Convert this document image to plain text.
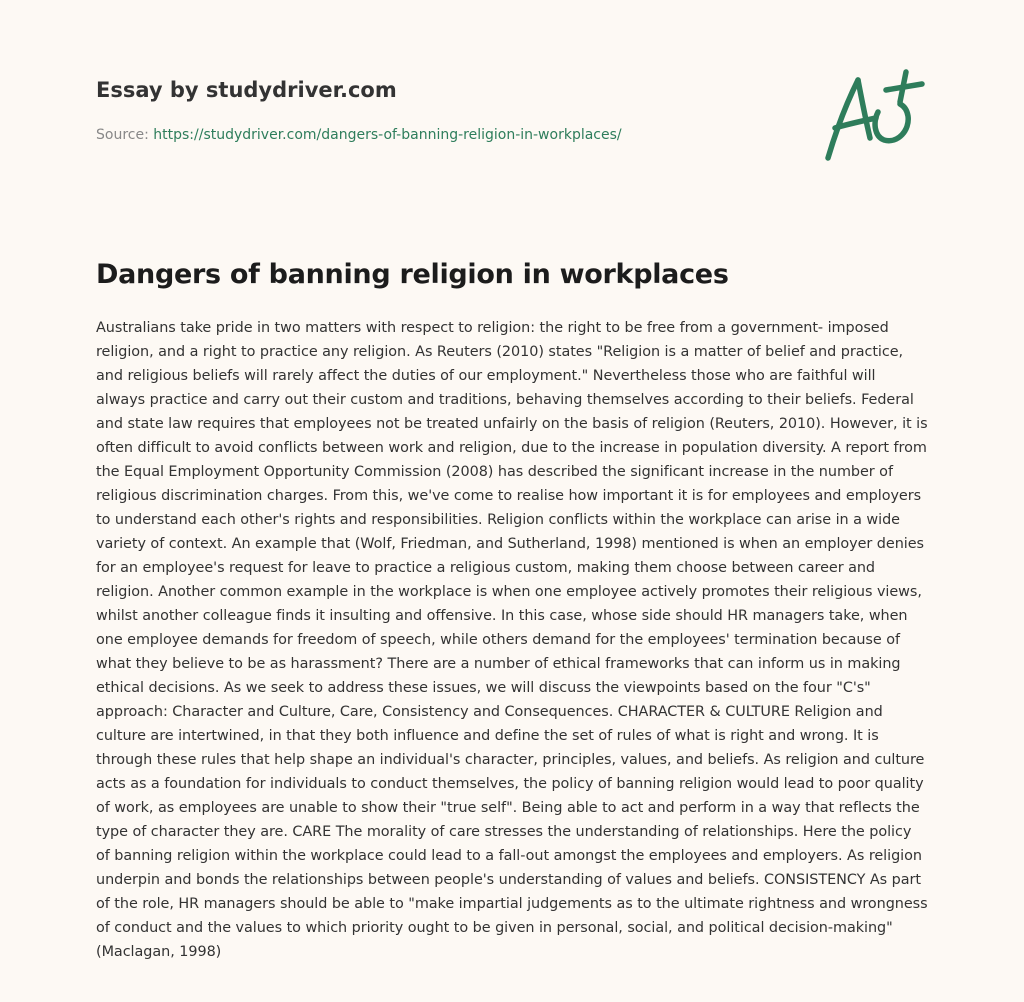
Essay by studydriver.com

Source: https://studydriver.com/dangers-of-banning-religion-in-workplaces/
Dangers of banning religion in workplaces

Australians take pride in two matters with respect to religion: the right to be free from a government- imposed religion, and a right to practice any religion. As Reuters (2010) states "Religion is a matter of belief and practice, and religious beliefs will rarely affect the duties of our employment." Nevertheless those who are faithful will always practice and carry out their custom and traditions, behaving themselves according to their beliefs. Federal and state law requires that employees not be treated unfairly on the basis of religion (Reuters, 2010). However, it is often difficult to avoid conflicts between work and religion, due to the increase in population diversity. A report from the Equal Employment Opportunity Commission (2008) has described the significant increase in the number of religious discrimination charges. From this, we've come to realise how important it is for employees and employers to understand each other's rights and responsibilities. Religion conflicts within the workplace can arise in a wide variety of context. An example that (Wolf, Friedman, and Sutherland, 1998) mentioned is when an employer denies for an employee's request for leave to practice a religious custom, making them choose between career and religion. Another common example in the workplace is when one employee actively promotes their religious views, whilst another colleague finds it insulting and offensive. In this case, whose side should HR managers take, when one employee demands for freedom of speech, while others demand for the employees' termination because of what they believe to be as harassment? There are a number of ethical frameworks that can inform us in making ethical decisions. As we seek to address these issues, we will discuss the viewpoints based on the four "C's" approach: Character and Culture, Care, Consistency and Consequences. CHARACTER & CULTURE Religion and culture are intertwined, in that they both influence and define the set of rules of what is right and wrong. It is through these rules that help shape an individual's character, principles, values, and beliefs. As religion and culture acts as a foundation for individuals to conduct themselves, the policy of banning religion would lead to poor quality of work, as employees are unable to show their "true self". Being able to act and perform in a way that reflects the type of character they are. CARE The morality of care stresses the understanding of relationships. Here the policy of banning religion within the workplace could lead to a fall-out amongst the employees and employers. As religion underpin and bonds the relationships between people's understanding of values and beliefs. CONSISTENCY As part of the role, HR managers should be able to "make impartial judgements as to the ultimate rightness and wrongness of conduct and the values to which priority ought to be given in personal, social, and political decision-making" (Maclagan, 1998)
